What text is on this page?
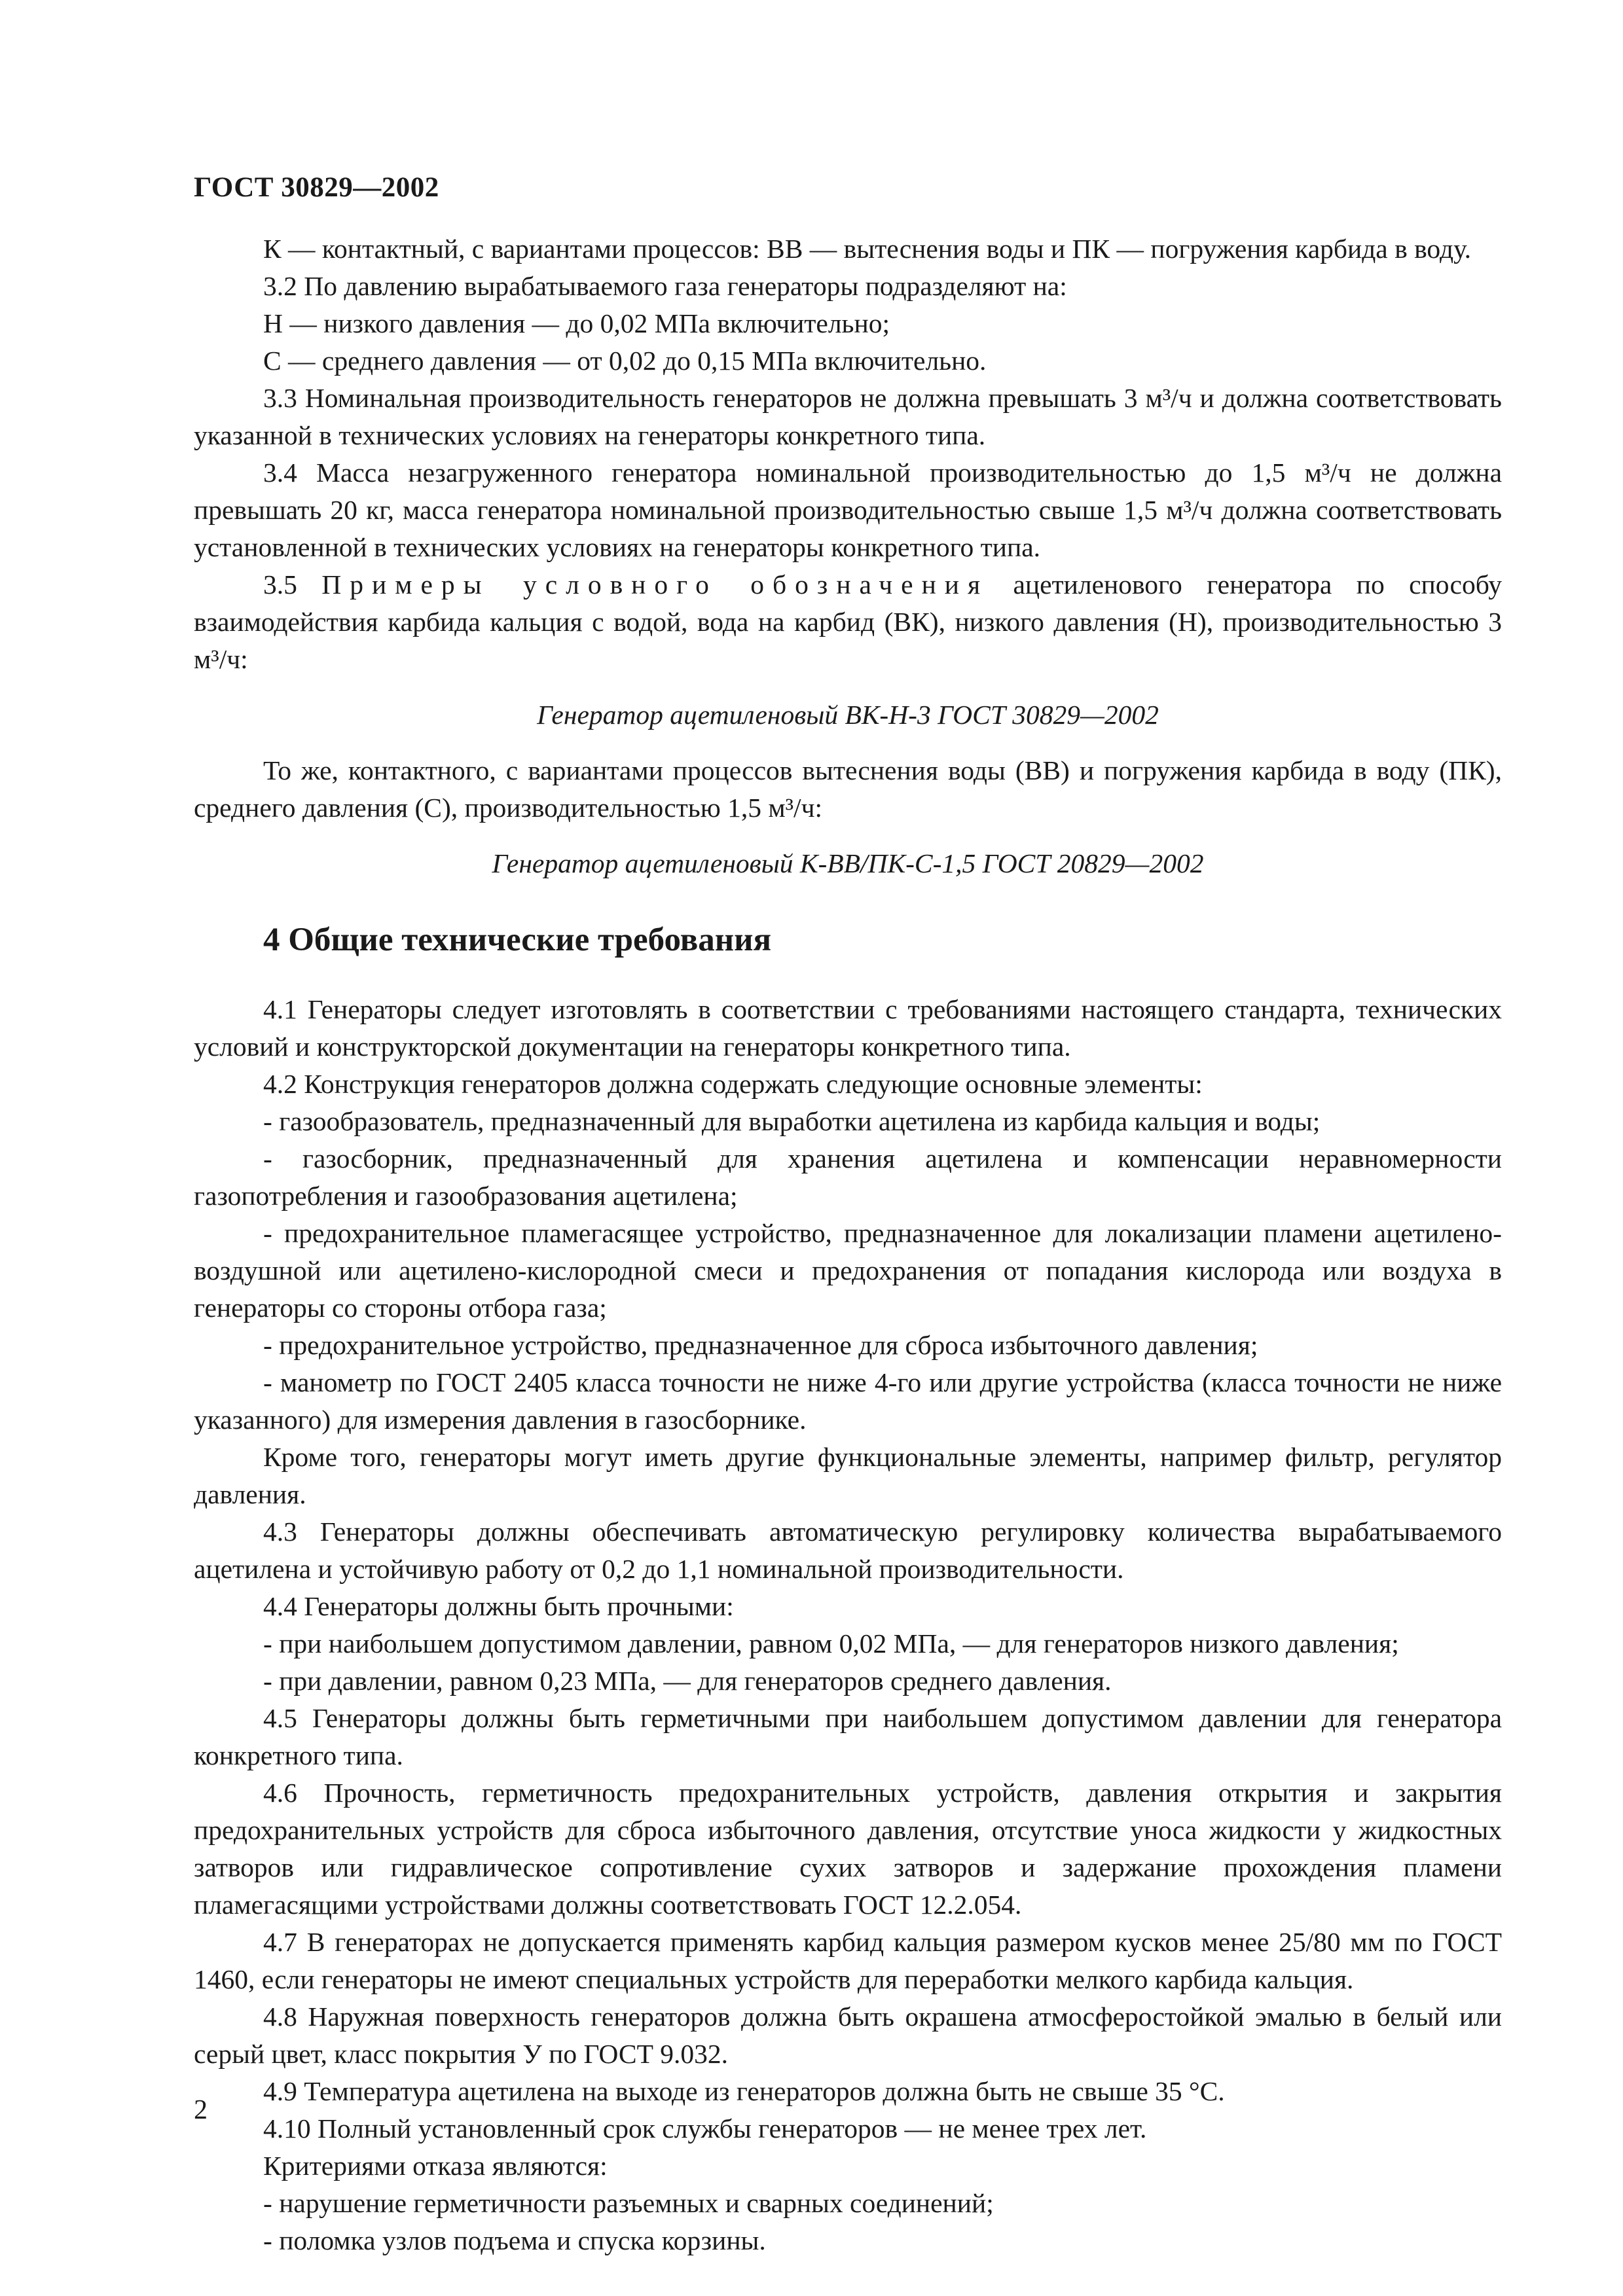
ГОСТ 30829—2002

К — контактный, с вариантами процессов: ВВ — вытеснения воды и ПК — погружения карбида в воду.

3.2 По давлению вырабатываемого газа генераторы подразделяют на:

Н — низкого давления — до 0,02 МПа включительно;

С — среднего давления — от 0,02 до 0,15 МПа включительно.

3.3 Номинальная производительность генераторов не должна превышать 3 м³/ч и должна соответствовать указанной в технических условиях на генераторы конкретного типа.

3.4 Масса незагруженного генератора номинальной производительностью до 1,5 м³/ч не должна превышать 20 кг, масса генератора номинальной производительностью свыше 1,5 м³/ч должна соответствовать установленной в технических условиях на генераторы конкретного типа.

3.5 Примеры условного обозначения ацетиленового генератора по способу взаимодействия карбида кальция с водой, вода на карбид (ВК), низкого давления (Н), производительностью 3 м³/ч:

Генератор ацетиленовый ВК-Н-3 ГОСТ 30829—2002

То же, контактного, с вариантами процессов вытеснения воды (ВВ) и погружения карбида в воду (ПК), среднего давления (С), производительностью 1,5 м³/ч:

Генератор ацетиленовый К-ВВ/ПК-С-1,5 ГОСТ 20829—2002

4 Общие технические требования

4.1 Генераторы следует изготовлять в соответствии с требованиями настоящего стандарта, технических условий и конструкторской документации на генераторы конкретного типа.

4.2 Конструкция генераторов должна содержать следующие основные элементы:

- газообразователь, предназначенный для выработки ацетилена из карбида кальция и воды;

- газосборник, предназначенный для хранения ацетилена и компенсации неравномерности газопотребления и газообразования ацетилена;

- предохранительное пламегасящее устройство, предназначенное для локализации пламени ацетилено-воздушной или ацетилено-кислородной смеси и предохранения от попадания кислорода или воздуха в генераторы со стороны отбора газа;

- предохранительное устройство, предназначенное для сброса избыточного давления;

- манометр по ГОСТ 2405 класса точности не ниже 4-го или другие устройства (класса точности не ниже указанного) для измерения давления в газосборнике.

Кроме того, генераторы могут иметь другие функциональные элементы, например фильтр, регулятор давления.

4.3 Генераторы должны обеспечивать автоматическую регулировку количества вырабатываемого ацетилена и устойчивую работу от 0,2 до 1,1 номинальной производительности.

4.4 Генераторы должны быть прочными:

- при наибольшем допустимом давлении, равном 0,02 МПа, — для генераторов низкого давления;

- при давлении, равном 0,23 МПа, — для генераторов среднего давления.

4.5 Генераторы должны быть герметичными при наибольшем допустимом давлении для генератора конкретного типа.

4.6 Прочность, герметичность предохранительных устройств, давления открытия и закрытия предохранительных устройств для сброса избыточного давления, отсутствие уноса жидкости у жидкостных затворов или гидравлическое сопротивление сухих затворов и задержание прохождения пламени пламегасящими устройствами должны соответствовать ГОСТ 12.2.054.

4.7 В генераторах не допускается применять карбид кальция размером кусков менее 25/80 мм по ГОСТ 1460, если генераторы не имеют специальных устройств для переработки мелкого карбида кальция.

4.8 Наружная поверхность генераторов должна быть окрашена атмосферостойкой эмалью в белый или серый цвет, класс покрытия У по ГОСТ 9.032.

4.9 Температура ацетилена на выходе из генераторов должна быть не свыше 35 °С.

4.10 Полный установленный срок службы генераторов — не менее трех лет.

Критериями отказа являются:

- нарушение герметичности разъемных и сварных соединений;

- поломка узлов подъема и спуска корзины.

2
